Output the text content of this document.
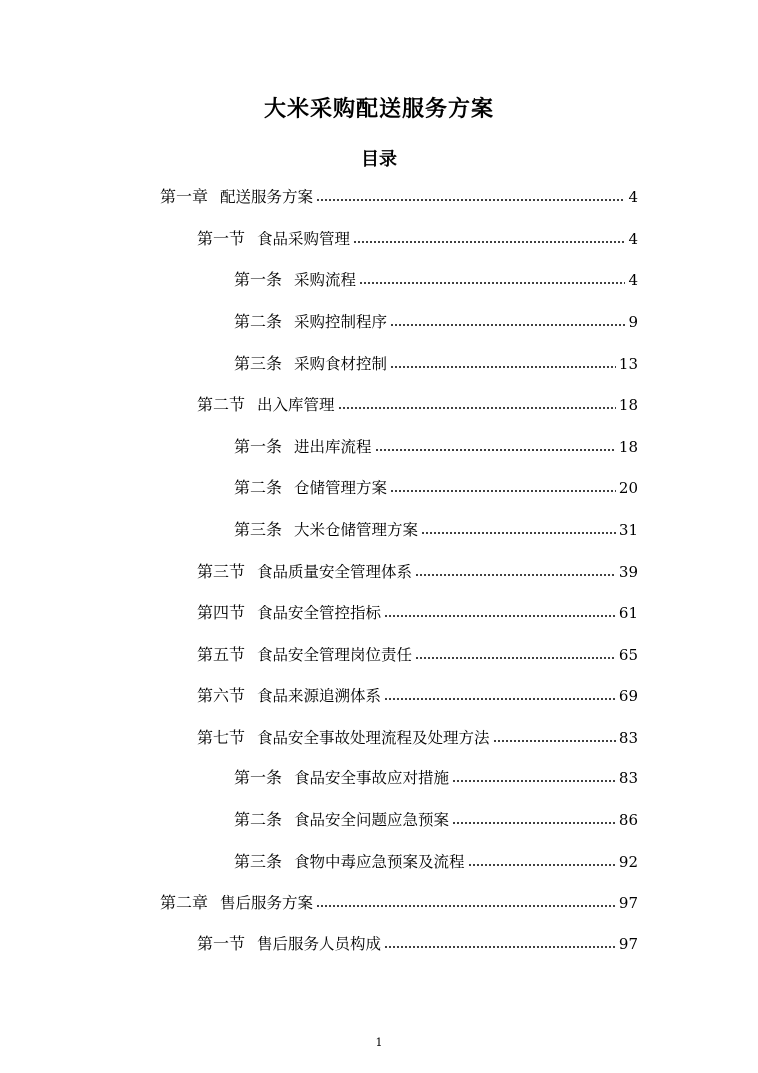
大米采购配送服务方案
目录
第一章 配送服务方案	4
第一节 食品采购管理	4
第一条 采购流程	4
第二条 采购控制程序	9
第三条 采购食材控制	13
第二节 出入库管理	18
第一条 进出库流程	18
第二条 仓储管理方案	20
第三条 大米仓储管理方案	31
第三节 食品质量安全管理体系	39
第四节 食品安全管控指标	61
第五节 食品安全管理岗位责任	65
第六节 食品来源追溯体系	69
第七节 食品安全事故处理流程及处理方法	83
第一条 食品安全事故应对措施	83
第二条 食品安全问题应急预案	86
第三条 食物中毒应急预案及流程	92
第二章 售后服务方案	97
第一节 售后服务人员构成	97
1
